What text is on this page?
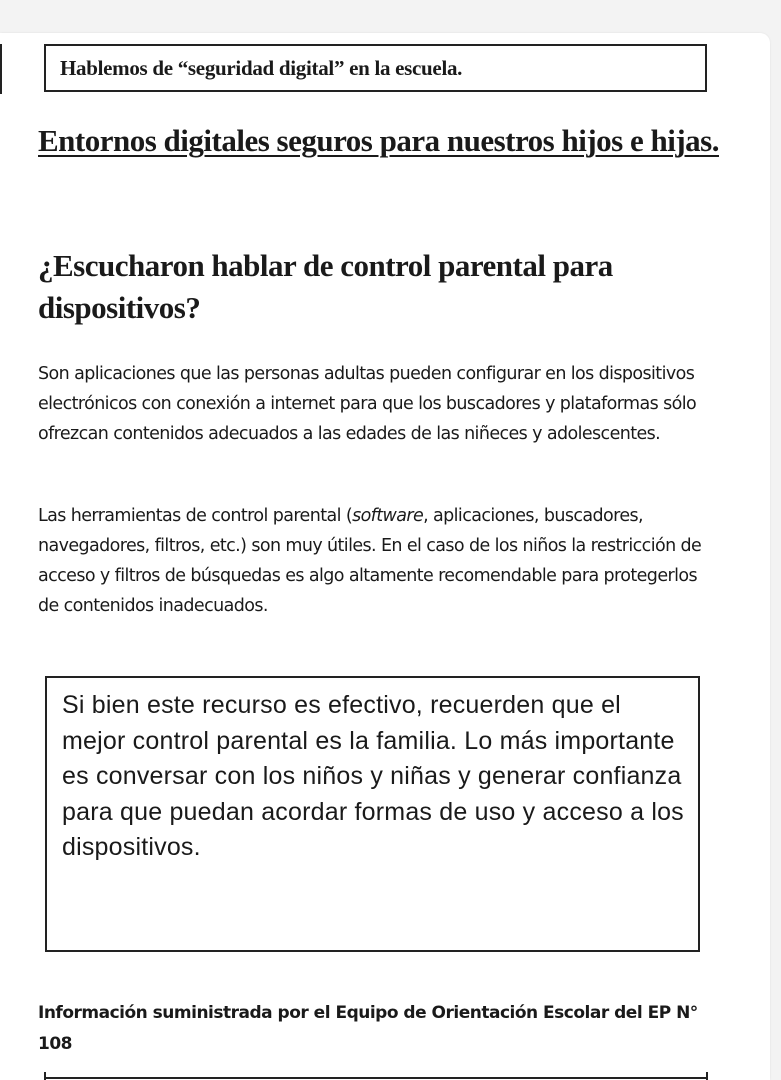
Hablemos de “seguridad digital” en la escuela.
Entornos digitales seguros para nuestros hijos e hijas.
¿Escucharon hablar de control parental para dispositivos?

Son aplicaciones que las personas adultas pueden configurar en los dispositivos electrónicos con conexión a internet para que los buscadores y plataformas sólo ofrezcan contenidos adecuados a las edades de las niñeces y adolescentes.

Las herramientas de control parental (software, aplicaciones, buscadores, navegadores, filtros, etc.) son muy útiles. En el caso de los niños la restricción de acceso y filtros de búsquedas es algo altamente recomendable para protegerlos de contenidos inadecuados.

Si bien este recurso es efectivo, recuerden que el mejor control parental es la familia. Lo más importante es conversar con los niños y niñas y generar confianza para que puedan acordar formas de uso y acceso a los dispositivos.

Información suministrada por el Equipo de Orientación Escolar del EP N° 108
